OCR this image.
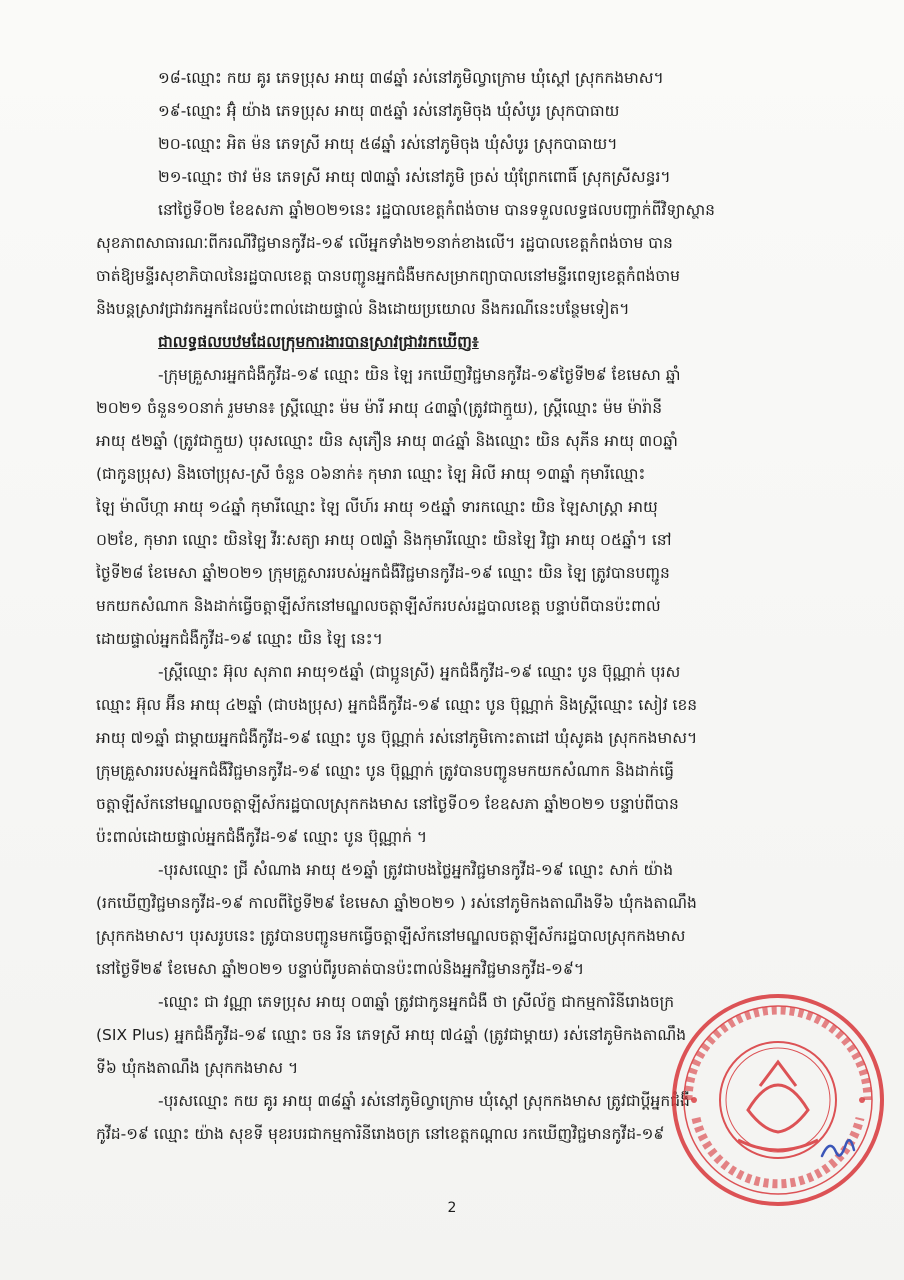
១៨-ឈ្មោះ កយ គូរ ភេទប្រុស អាយុ ៣៨ឆ្នាំ រស់នៅភូមិល្វាក្រោម ឃុំស្ដៅ ស្រុកកងមាស។
១៩-ឈ្មោះ អ៊ុំ យ៉ាង ភេទប្រុស អាយុ ៣៥ឆ្នាំ រស់នៅភូមិចុង ឃុំសំបូរ ស្រុកបាធាយ
២០-ឈ្មោះ អិត ម៉ន ភេទស្រី អាយុ ៥៨ឆ្នាំ រស់នៅភូមិចុង ឃុំសំបូរ ស្រុកបាធាយ។
២១-ឈ្មោះ ថាវ ម៉ន ភេទស្រី អាយុ ៧៣ឆ្នាំ រស់នៅភូមិ ច្រស់ ឃុំព្រែកពោធិ៍ ស្រុកស្រីសន្ធរ។
នៅថ្ងៃទី០២ ខែឧសភា ឆ្នាំ២០២១នេះ រដ្ឋបាលខេត្តកំពង់ចាម បានទទួលលទ្ធផលបញ្ជាក់ពីវិទ្យាស្ថាន
សុខភាពសាធារណៈពីករណីវិជ្ជមានកូវីដ-១៩ លើអ្នកទាំង២១នាក់ខាងលើ។ រដ្ឋបាលខេត្តកំពង់ចាម បាន
ចាត់ឱ្យមន្ទីរសុខាភិបាលនៃរដ្ឋបាលខេត្ត បានបញ្ជូនអ្នកជំងឺមកសម្រាកព្យាបាលនៅមន្ទីរពេទ្យខេត្តកំពង់ចាម
និងបន្តស្រាវជ្រាវរកអ្នកដែលប៉ះពាល់ដោយផ្ទាល់ និងដោយប្រយោល នឹងករណីនេះបន្ថែមទៀត។
ជាលទ្ធផលបឋមដែលក្រុមការងារបានស្រាវជ្រាវរកឃើញ៖
-ក្រុមគ្រួសារអ្នកជំងឺកូវីដ-១៩ ឈ្មោះ យិន ឡៃ រកឃើញវិជ្ជមានកូវីដ-១៩ថ្ងៃទី២៩ ខែមេសា ឆ្នាំ
២០២១ ចំនួន១០នាក់ រួមមាន៖ ស្ត្រីឈ្មោះ ម៉ម ម៉ារី អាយុ ៤៣ឆ្នាំ(ត្រូវជាក្មួយ), ស្ត្រីឈ្មោះ ម៉ម ម៉ារ៉ានី
អាយុ ៥២ឆ្នាំ (ត្រូវជាក្មួយ) បុរសឈ្មោះ យិន សុភឿន អាយុ ៣៤ឆ្នាំ និងឈ្មោះ យិន សុភីន អាយុ ៣០ឆ្នាំ
(ជាកូនប្រុស) និងចៅប្រុស-ស្រី ចំនួន ០៦នាក់៖ កុមារា ឈ្មោះ ឡៃ អិលី អាយុ ១៣ឆ្នាំ កុមារីឈ្មោះ
ឡៃ ម៉ាលីហ្កា អាយុ ១៤ឆ្នាំ កុមារីឈ្មោះ ឡៃ លីហ៍រ អាយុ ១៥ឆ្នាំ ទារកឈ្មោះ យិន ឡៃសាស្ត្រា អាយុ
០២ខែ, កុមារា ឈ្មោះ យិនឡៃ វីរៈសត្យា អាយុ ០៧ឆ្នាំ និងកុមារីឈ្មោះ យិនឡៃ វិជ្ជា អាយុ ០៥ឆ្នាំ។ នៅ
ថ្ងៃទី២៨ ខែមេសា ឆ្នាំ២០២១ ក្រុមគ្រួសាររបស់អ្នកជំងឺវិជ្ជមានកូវីដ-១៩ ឈ្មោះ យិន ឡៃ ត្រូវបានបញ្ជូន
មកយកសំណាក និងដាក់ធ្វើចត្តាឡីស័កនៅមណ្ឌលចត្តាឡីស័ករបស់រដ្ឋបាលខេត្ត បន្ទាប់ពីបានប៉ះពាល់
ដោយផ្ទាល់អ្នកជំងឺកូវីដ-១៩ ឈ្មោះ យិន ឡៃ នេះ។
-ស្ត្រីឈ្មោះ អ៊ុល សុភាព អាយុ១៥ឆ្នាំ (ជាប្អូនស្រី) អ្នកជំងឺកូវីដ-១៩ ឈ្មោះ បូន ប៊ុណ្ណាក់ បុរស
ឈ្មោះ អ៊ុល អ៊ីន អាយុ ៤២ឆ្នាំ (ជាបងប្រុស) អ្នកជំងឺកូវីដ-១៩ ឈ្មោះ បូន ប៊ុណ្ណាក់ និងស្ត្រីឈ្មោះ សៀវ ខេន
អាយុ ៧១ឆ្នាំ ជាម្ដាយអ្នកជំងឺកូវីដ-១៩ ឈ្មោះ បូន ប៊ុណ្ណាក់ រស់នៅភូមិកោះតាដៅ ឃុំសូគង ស្រុកកងមាស។
ក្រុមគ្រួសាររបស់អ្នកជំងឺវិជ្ជមានកូវីដ-១៩ ឈ្មោះ បូន ប៊ុណ្ណាក់ ត្រូវបានបញ្ជូនមកយកសំណាក និងដាក់ធ្វើ
ចត្តាឡីស័កនៅមណ្ឌលចត្តាឡីស័ករដ្ឋបាលស្រុកកងមាស នៅថ្ងៃទី០១ ខែឧសភា ឆ្នាំ២០២១ បន្ទាប់ពីបាន
ប៉ះពាល់ដោយផ្ទាល់អ្នកជំងឺកូវីដ-១៩ ឈ្មោះ បូន ប៊ុណ្ណាក់ ។
-បុរសឈ្មោះ ជ្រី សំណាង អាយុ ៥១ឆ្នាំ ត្រូវជាបងថ្លៃអ្នកវិជ្ជមានកូវីដ-១៩ ឈ្មោះ សាក់ យ៉ាង
(រកឃើញវិជ្ជមានកូវីដ-១៩ កាលពីថ្ងៃទី២៩ ខែមេសា ឆ្នាំ២០២១ ) រស់នៅភូមិកងតាណឹងទី៦ ឃុំកងតាណឹង
ស្រុកកងមាស។ បុរសរូបនេះ ត្រូវបានបញ្ជូនមកធ្វើចត្តាឡីស័កនៅមណ្ឌលចត្តាឡីស័ករដ្ឋបាលស្រុកកងមាស
នៅថ្ងៃទី២៩ ខែមេសា ឆ្នាំ២០២១ បន្ទាប់ពីរូបគាត់បានប៉ះពាល់និងអ្នកវិជ្ជមានកូវីដ-១៩។
-ឈ្មោះ ជា វណ្ណា ភេទប្រុស អាយុ ០៣ឆ្នាំ ត្រូវជាកូនអ្នកជំងឺ ថា ស្រីល័ក្ខ ជាកម្មការិនីរោងចក្រ
(SIX Plus) អ្នកជំងឺកូវីដ-១៩ ឈ្មោះ ចន រីន ភេទស្រី អាយុ ៧៤ឆ្នាំ (ត្រូវជាម្ដាយ) រស់នៅភូមិកងតាណឹង
ទី៦ ឃុំកងតាណឹង ស្រុកកងមាស ។
-បុរសឈ្មោះ កយ គូរ អាយុ ៣៨ឆ្នាំ រស់នៅភូមិល្វាក្រោម ឃុំស្ដៅ ស្រុកកងមាស ត្រូវជាប្ដីអ្នកជំងឺ
កូវីដ-១៩ ឈ្មោះ យ៉ាង សុខទី មុខរបរជាកម្មការិនីរោងចក្រ នៅខេត្តកណ្ដាល រកឃើញវិជ្ជមានកូវីដ-១៩
2
